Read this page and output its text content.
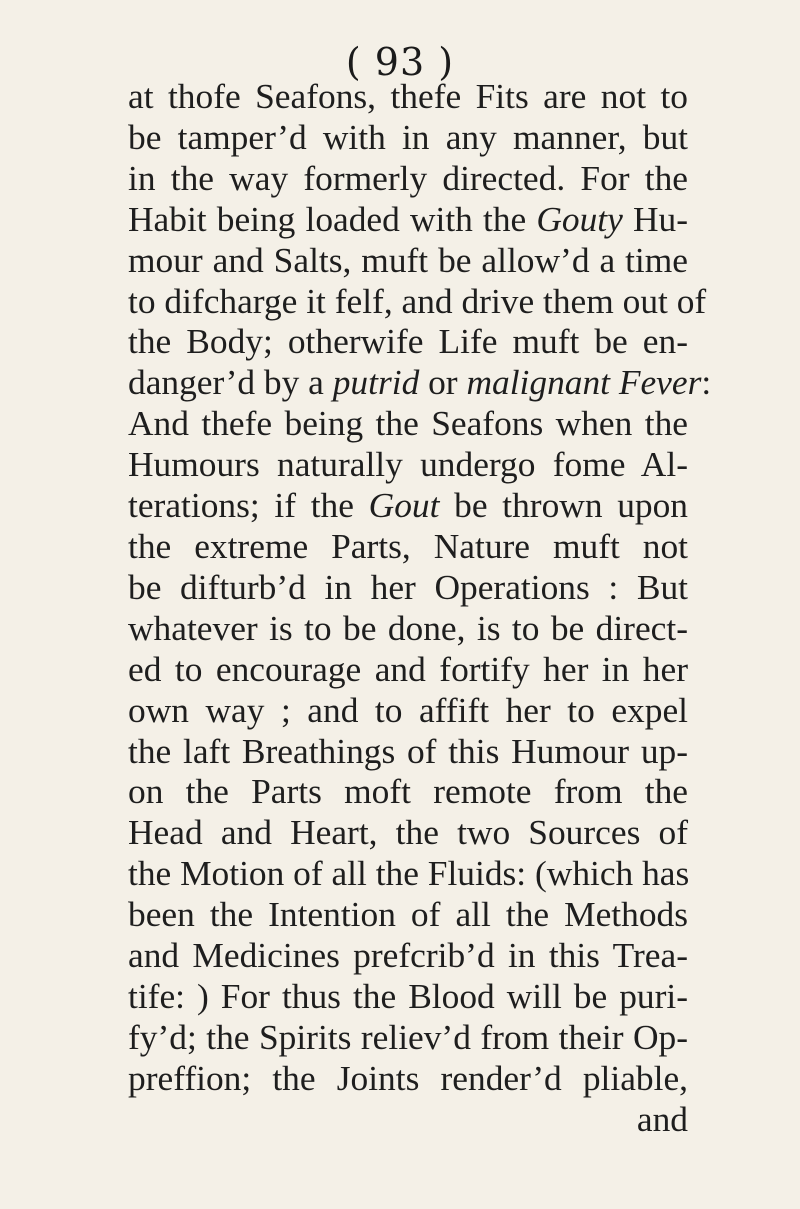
( 93 )
at thofe Seafons, thefe Fits are not to
be tamper’d with in any manner, but
in the way formerly directed. For the
Habit being loaded with the Gouty Hu-
mour and Salts, muft be allow’d a time
to difcharge it felf, and drive them out of
the Body; otherwife Life muft be en-
danger’d by a putrid or malignant Fever:
And thefe being the Seafons when the
Humours naturally undergo fome Al-
terations; if the Gout be thrown upon
the extreme Parts, Nature muft not
be difturb’d in her Operations : But
whatever is to be done, is to be direct-
ed to encourage and fortify her in her
own way ; and to affift her to expel
the laft Breathings of this Humour up-
on the Parts moft remote from the
Head and Heart, the two Sources of
the Motion of all the Fluids: (which has
been the Intention of all the Methods
and Medicines prefcrib’d in this Trea-
tife: ) For thus the Blood will be puri-
fy’d; the Spirits reliev’d from their Op-
preffion; the Joints render’d pliable,
and
